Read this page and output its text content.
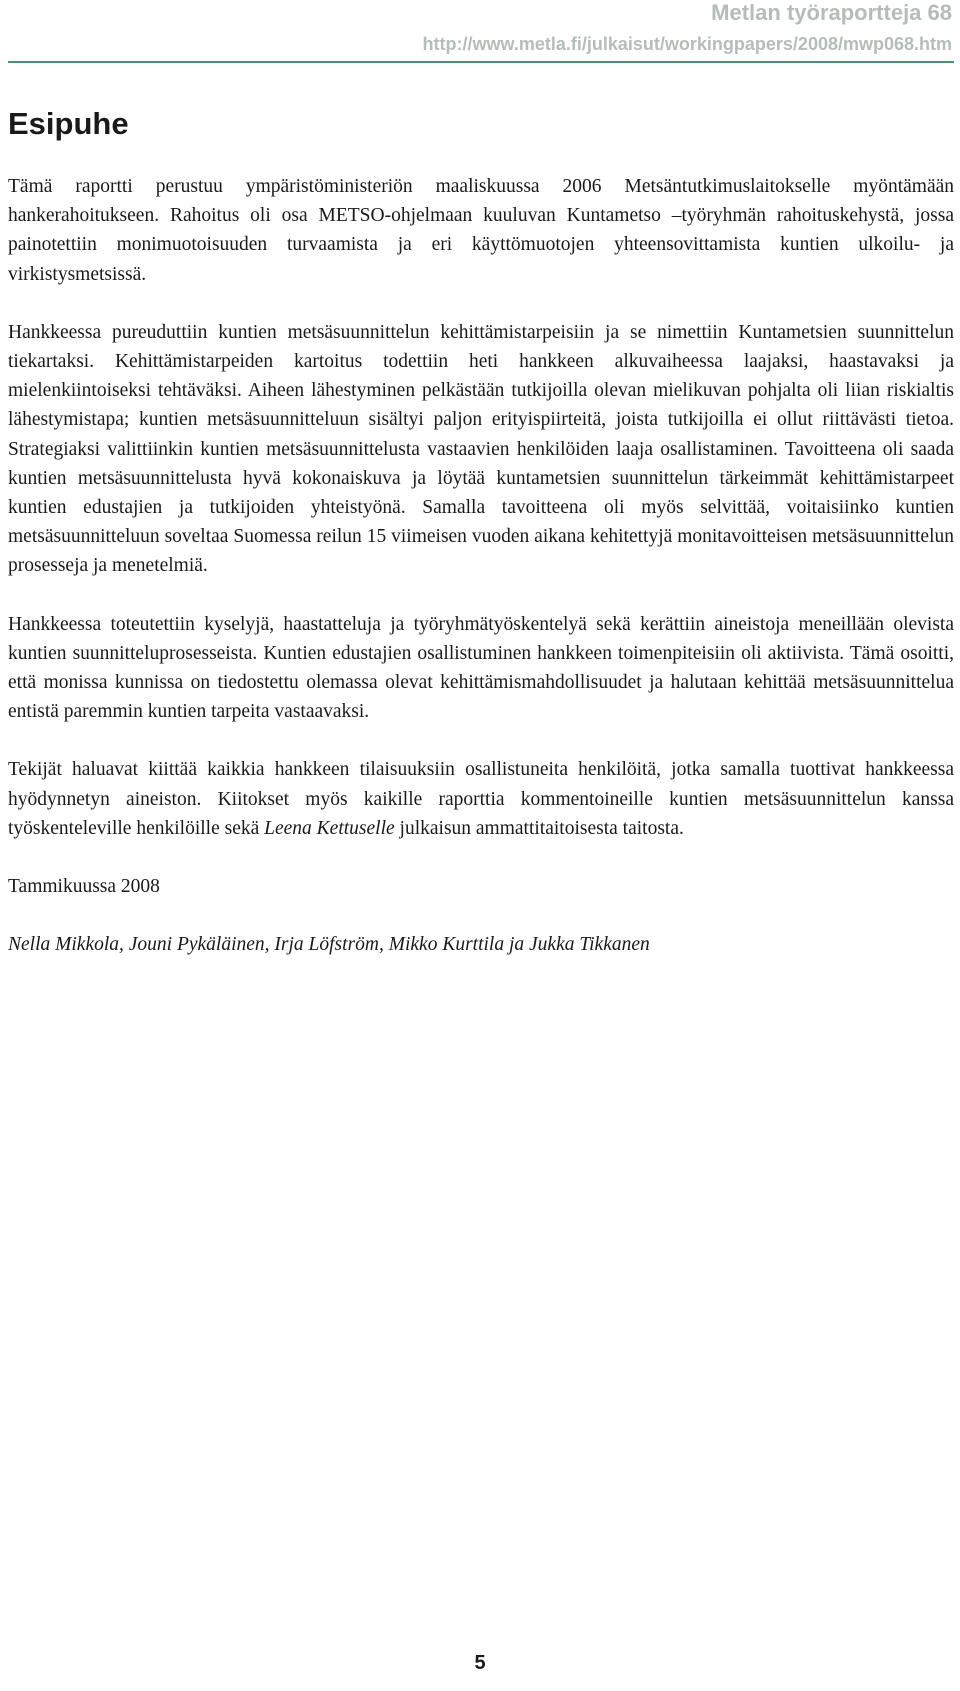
Metlan työraportteja 68
http://www.metla.fi/julkaisut/workingpapers/2008/mwp068.htm
Esipuhe

Tämä raportti perustuu ympäristöministeriön maaliskuussa 2006 Metsäntutkimuslaitokselle myöntämään hankerahoitukseen. Rahoitus oli osa METSO-ohjelmaan kuuluvan Kuntametso –työryhmän rahoituskehystä, jossa painotettiin monimuotoisuuden turvaamista ja eri käyttömuotojen yhteensovittamista kuntien ulkoilu- ja virkistysmetsissä.

Hankkeessa pureuduttiin kuntien metsäsuunnittelun kehittämistarpeisiin ja se nimettiin Kuntametsien suunnittelun tiekartaksi. Kehittämistarpeiden kartoitus todettiin heti hankkeen alkuvaiheessa laajaksi, haastavaksi ja mielenkiintoiseksi tehtäväksi. Aiheen lähestyminen pelkästään tutkijoilla olevan mielikuvan pohjalta oli liian riskialtis lähestymistapa; kuntien metsäsuunnitteluun sisältyi paljon erityispiirteitä, joista tutkijoilla ei ollut riittävästi tietoa. Strategiaksi valittiinkin kuntien metsäsuunnittelusta vastaavien henkilöiden laaja osallistaminen. Tavoitteena oli saada kuntien metsäsuunnittelusta hyvä kokonaiskuva ja löytää kuntametsien suunnittelun tärkeimmät kehittämistarpeet kuntien edustajien ja tutkijoiden yhteistyönä. Samalla tavoitteena oli myös selvittää, voitaisiinko kuntien metsäsuunnitteluun soveltaa Suomessa reilun 15 viimeisen vuoden aikana kehitettyjä monitavoitteisen metsäsuunnittelun prosesseja ja menetelmiä.

Hankkeessa toteutettiin kyselyjä, haastatteluja ja työryhmätyöskentelyä sekä kerättiin aineistoja meneillään olevista kuntien suunnitteluprosesseista. Kuntien edustajien osallistuminen hankkeen toimenpiteisiin oli aktiivista. Tämä osoitti, että monissa kunnissa on tiedostettu olemassa olevat kehittämismahdollisuudet ja halutaan kehittää metsäsuunnittelua entistä paremmin kuntien tarpeita vastaavaksi.

Tekijät haluavat kiittää kaikkia hankkeen tilaisuuksiin osallistuneita henkilöitä, jotka samalla tuottivat hankkeessa hyödynnetyn aineiston. Kiitokset myös kaikille raporttia kommentoineille kuntien metsäsuunnittelun kanssa työskenteleville henkilöille sekä Leena Kettuselle julkaisun ammattitaitoisesta taitosta.

Tammikuussa 2008

Nella Mikkola, Jouni Pykäläinen, Irja Löfström, Mikko Kurttila ja Jukka Tikkanen

5
